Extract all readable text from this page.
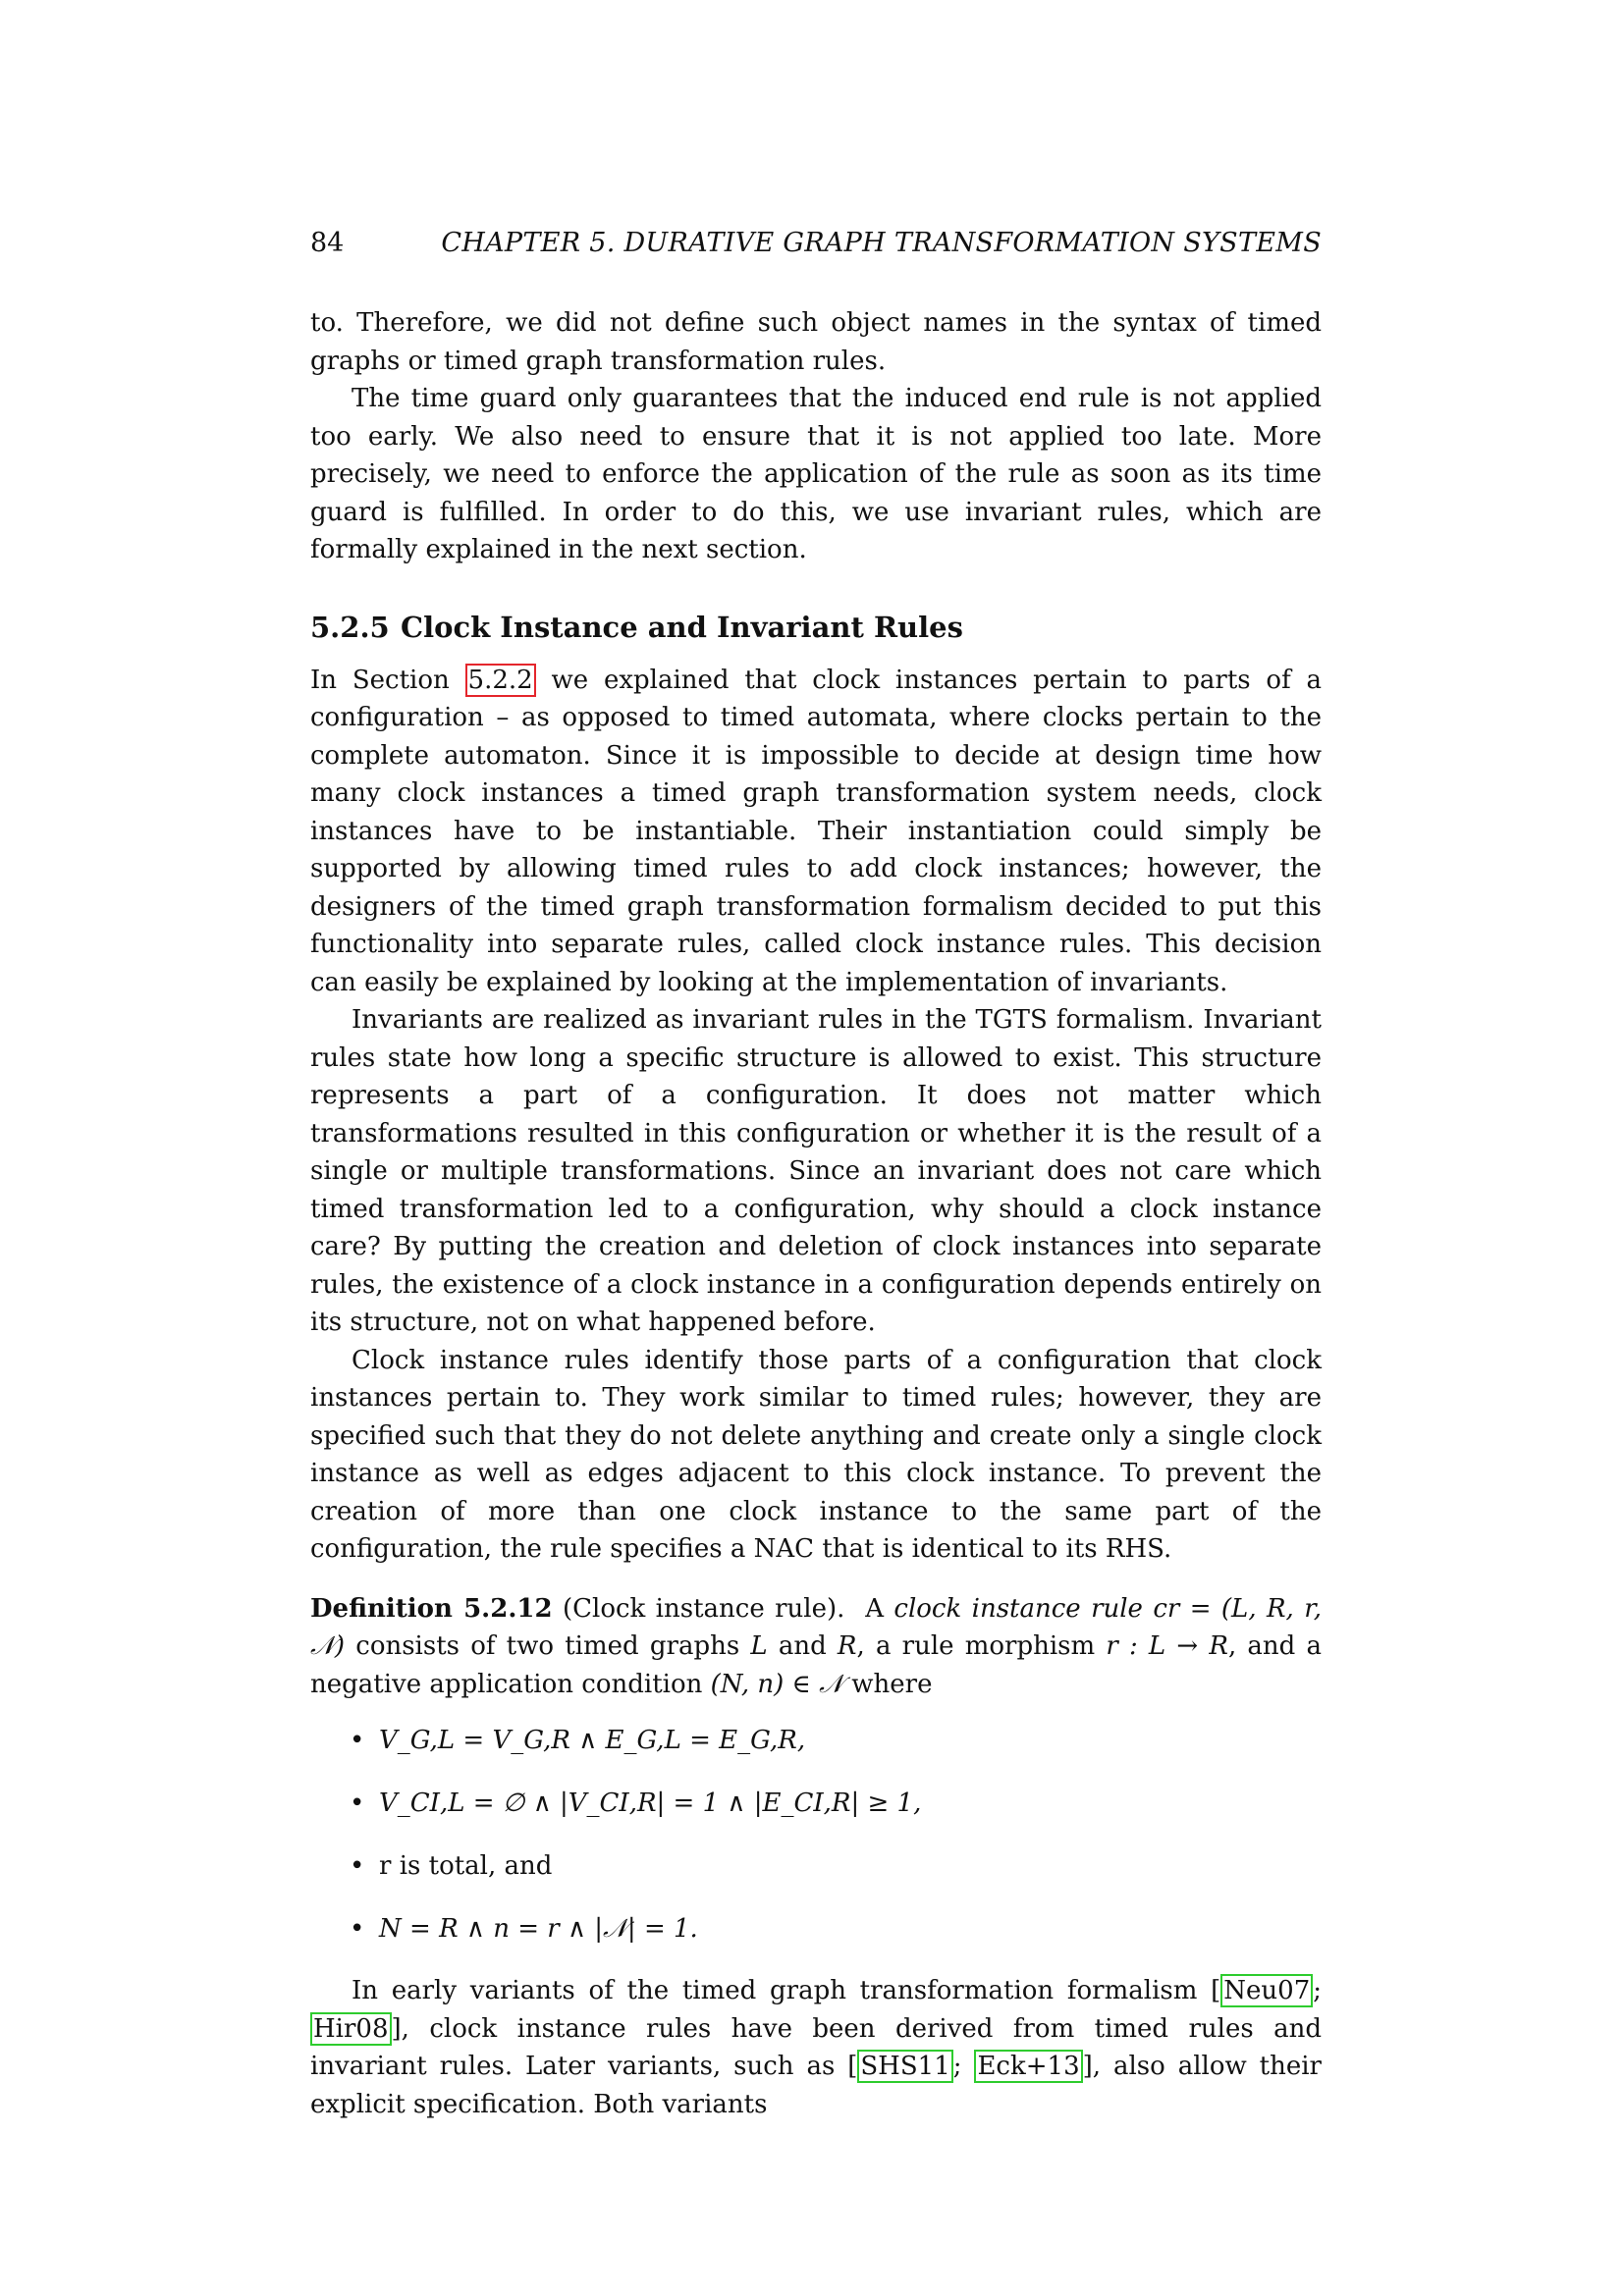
84	CHAPTER 5. DURATIVE GRAPH TRANSFORMATION SYSTEMS

to. Therefore, we did not define such object names in the syntax of timed graphs or timed graph transformation rules.

The time guard only guarantees that the induced end rule is not applied too early. We also need to ensure that it is not applied too late. More precisely, we need to enforce the application of the rule as soon as its time guard is fulfilled. In order to do this, we use invariant rules, which are formally explained in the next section.

5.2.5 Clock Instance and Invariant Rules

In Section 5.2.2 we explained that clock instances pertain to parts of a configuration – as opposed to timed automata, where clocks pertain to the complete automaton. Since it is impossible to decide at design time how many clock instances a timed graph transformation system needs, clock instances have to be instantiable. Their instantiation could simply be supported by allowing timed rules to add clock instances; however, the designers of the timed graph transformation formalism decided to put this functionality into separate rules, called clock instance rules. This decision can easily be explained by looking at the implementation of invariants.

Invariants are realized as invariant rules in the TGTS formalism. Invariant rules state how long a specific structure is allowed to exist. This structure represents a part of a configuration. It does not matter which transformations resulted in this configuration or whether it is the result of a single or multiple transformations. Since an invariant does not care which timed transformation led to a configuration, why should a clock instance care? By putting the creation and deletion of clock instances into separate rules, the existence of a clock instance in a configuration depends entirely on its structure, not on what happened before.

Clock instance rules identify those parts of a configuration that clock instances pertain to. They work similar to timed rules; however, they are specified such that they do not delete anything and create only a single clock instance as well as edges adjacent to this clock instance. To prevent the creation of more than one clock instance to the same part of the configuration, the rule specifies a NAC that is identical to its RHS.

Definition 5.2.12 (Clock instance rule). A clock instance rule cr = (L, R, r, 𝒩) consists of two timed graphs L and R, a rule morphism r : L → R, and a negative application condition (N, n) ∈ 𝒩 where

• V_G,L = V_G,R ∧ E_G,L = E_G,R,
• V_CI,L = ∅ ∧ |V_CI,R| = 1 ∧ |E_CI,R| ≥ 1,
• r is total, and
• N = R ∧ n = r ∧ |𝒩| = 1.

In early variants of the timed graph transformation formalism [ Neu07 ; Hir08 ], clock instance rules have been derived from timed rules and invariant rules. Later variants, such as [ SHS11 ; Eck+13 ], also allow their explicit specification. Both variants
